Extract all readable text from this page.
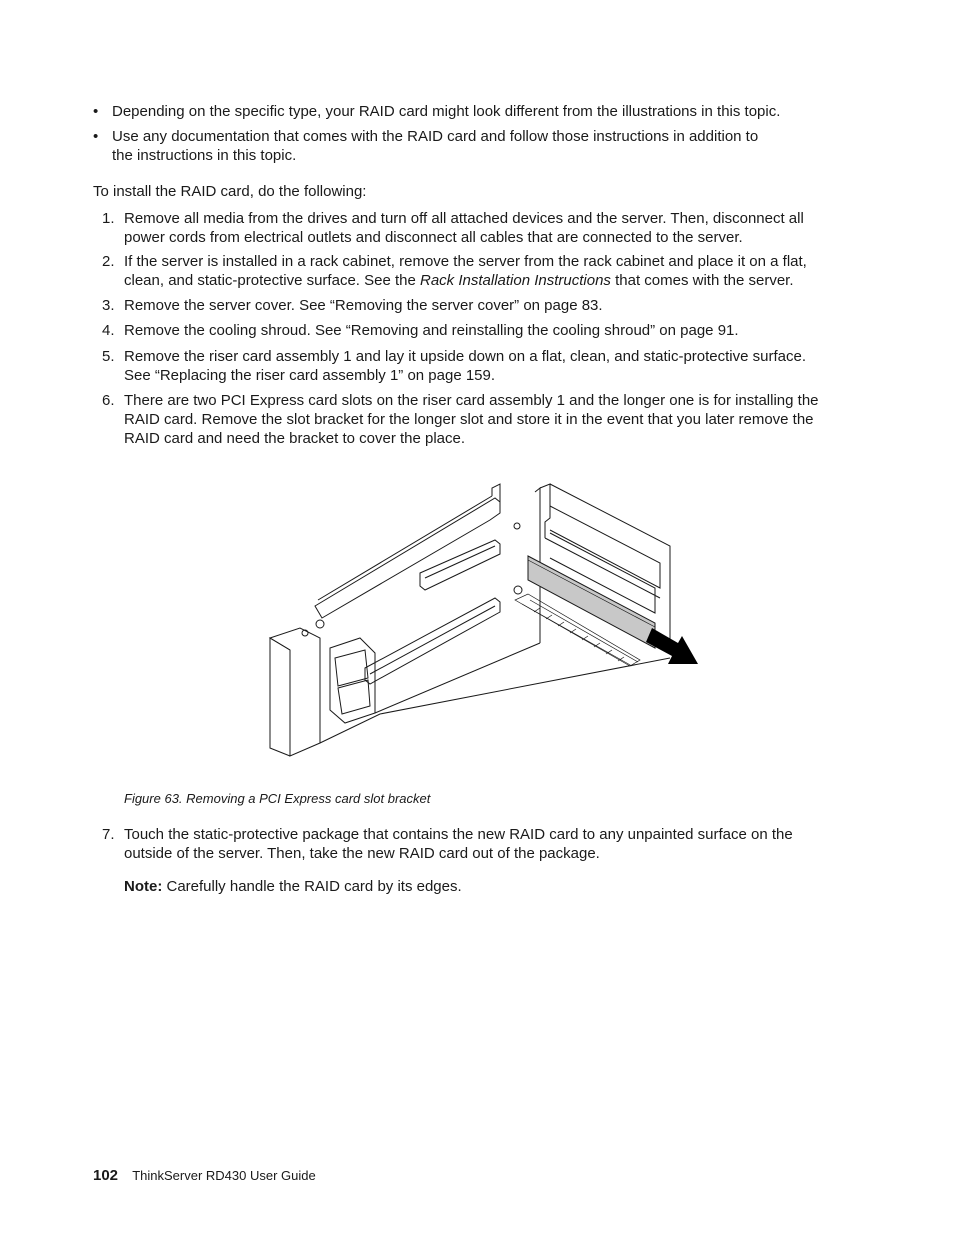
• Depending on the specific type, your RAID card might look different from the illustrations in this topic.
• Use any documentation that comes with the RAID card and follow those instructions in addition to
the instructions in this topic.
To install the RAID card, do the following:
1. Remove all media from the drives and turn off all attached devices and the server. Then, disconnect all
power cords from electrical outlets and disconnect all cables that are connected to the server.
2. If the server is installed in a rack cabinet, remove the server from the rack cabinet and place it on a flat,
clean, and static-protective surface. See the Rack Installation Instructions that comes with the server.
3. Remove the server cover. See “Removing the server cover” on page 83.
4. Remove the cooling shroud. See “Removing and reinstalling the cooling shroud” on page 91.
5. Remove the riser card assembly 1 and lay it upside down on a flat, clean, and static-protective surface.
See “Replacing the riser card assembly 1” on page 159.
6. There are two PCI Express card slots on the riser card assembly 1 and the longer one is for installing the
RAID card. Remove the slot bracket for the longer slot and store it in the event that you later remove the
RAID card and need the bracket to cover the place.
Figure 63. Removing a PCI Express card slot bracket
7. Touch the static-protective package that contains the new RAID card to any unpainted surface on the
outside of the server. Then, take the new RAID card out of the package.
Note: Carefully handle the RAID card by its edges.
102 ThinkServer RD430 User Guide
